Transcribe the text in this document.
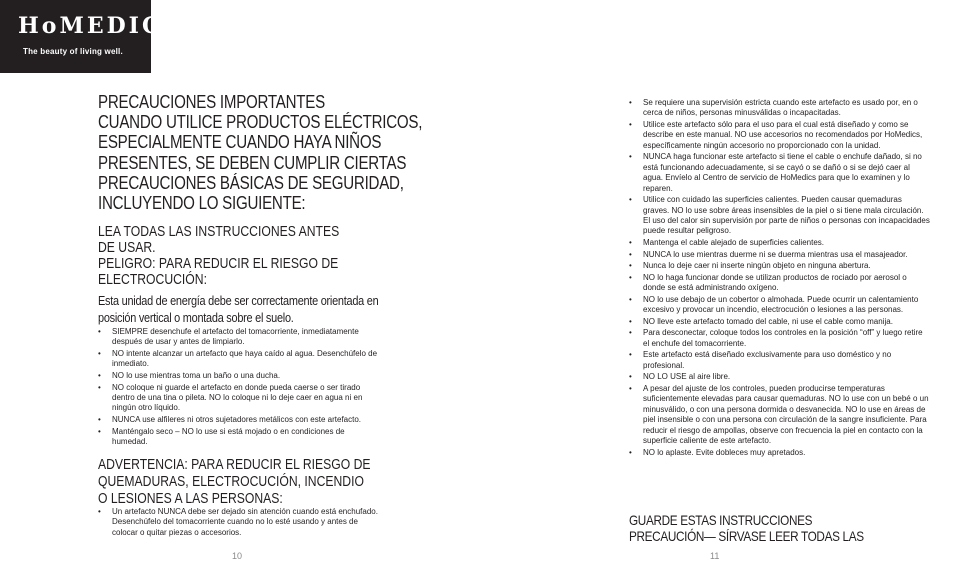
HoMEDICS
The beauty of living well.
PRECAUCIONES IMPORTANTES
CUANDO UTILICE PRODUCTOS ELÉCTRICOS,
ESPECIALMENTE CUANDO HAYA NIÑOS
PRESENTES, SE DEBEN CUMPLIR CIERTAS
PRECAUCIONES BÁSICAS DE SEGURIDAD,
INCLUYENDO LO SIGUIENTE:
LEA TODAS LAS INSTRUCCIONES ANTES
DE USAR.
PELIGRO: PARA REDUCIR EL RIESGO DE
ELECTROCUCIÓN:
Esta unidad de energía debe ser correctamente orientada en
posición vertical o montada sobre el suelo.
• SIEMPRE desenchufe el artefacto del tomacorriente, inmediatamente después de usar y antes de limpiarlo.
• NO intente alcanzar un artefacto que haya caído al agua. Desenchúfelo de inmediato.
• NO lo use mientras toma un baño o una ducha.
• NO coloque ni guarde el artefacto en donde pueda caerse o ser tirado dentro de una tina o pileta. NO lo coloque ni lo deje caer en agua ni en ningún otro líquido.
• NUNCA use alfileres ni otros sujetadores metálicos con este artefacto.
• Manténgalo seco – NO lo use si está mojado o en condiciones de humedad.
ADVERTENCIA: PARA REDUCIR EL RIESGO DE
QUEMADURAS, ELECTROCUCIÓN, INCENDIO
O LESIONES A LAS PERSONAS:
• Un artefacto NUNCA debe ser dejado sin atención cuando está enchufado. Desenchúfelo del tomacorriente cuando no lo esté usando y antes de colocar o quitar piezas o accesorios.
10
• Se requiere una supervisión estricta cuando este artefacto es usado por, en o cerca de niños, personas minusválidas o incapacitadas.
• Utilice este artefacto sólo para el uso para el cual está diseñado y como se describe en este manual. NO use accesorios no recomendados por HoMedics, específicamente ningún accesorio no proporcionado con la unidad.
• NUNCA haga funcionar este artefacto si tiene el cable o enchufe dañado, si no está funcionando adecuadamente, si se cayó o se dañó o si se dejó caer al agua. Envíelo al Centro de servicio de HoMedics para que lo examinen y lo reparen.
• Utilice con cuidado las superficies calientes. Pueden causar quemaduras graves. NO lo use sobre áreas insensibles de la piel o si tiene mala circulación. El uso del calor sin supervisión por parte de niños o personas con incapacidades puede resultar peligroso.
• Mantenga el cable alejado de superficies calientes.
• NUNCA lo use mientras duerme ni se duerma mientras usa el masajeador.
• Nunca lo deje caer ni inserte ningún objeto en ninguna abertura.
• NO lo haga funcionar donde se utilizan productos de rociado por aerosol o donde se está administrando oxígeno.
• NO lo use debajo de un cobertor o almohada. Puede ocurrir un calentamiento excesivo y provocar un incendio, electrocución o lesiones a las personas.
• NO lleve este artefacto tomado del cable, ni use el cable como manija.
• Para desconectar, coloque todos los controles en la posición “off” y luego retire el enchufe del tomacorriente.
• Este artefacto está diseñado exclusivamente para uso doméstico y no profesional.
• NO LO USE al aire libre.
• A pesar del ajuste de los controles, pueden producirse temperaturas suficientemente elevadas para causar quemaduras. NO lo use con un bebé o un minusválido, o con una persona dormida o desvanecida. NO lo use en áreas de piel insensible o con una persona con circulación de la sangre insuficiente. Para reducir el riesgo de ampollas, observe con frecuencia la piel en contacto con la superficie caliente de este artefacto.
• NO lo aplaste. Evite dobleces muy apretados.
GUARDE ESTAS INSTRUCCIONES
PRECAUCIÓN— SÍRVASE LEER TODAS LAS
11
